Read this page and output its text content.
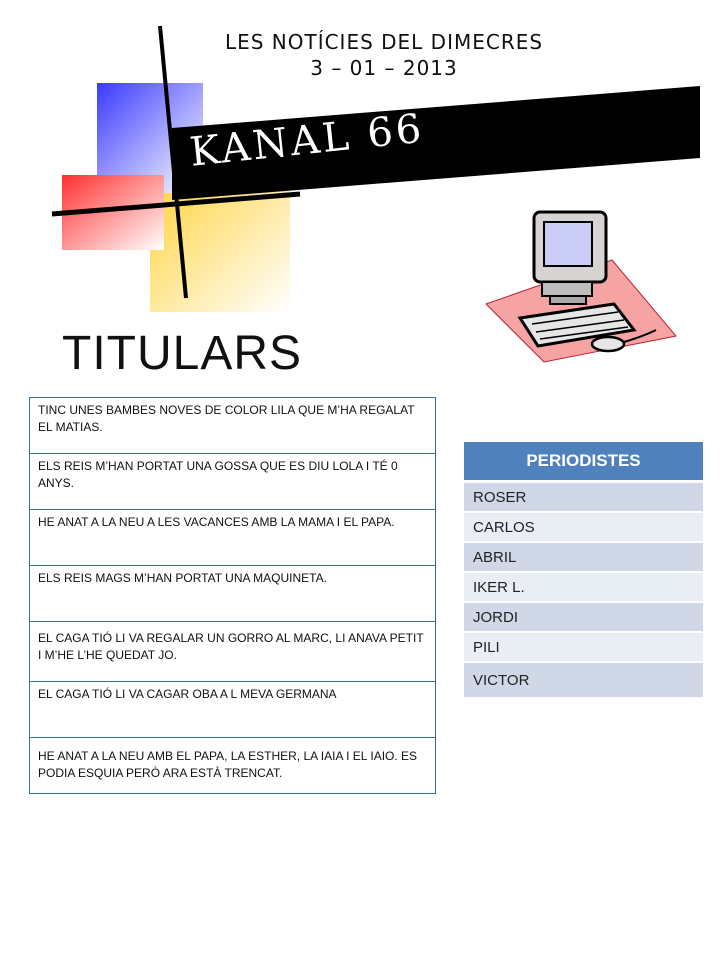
LES NOTÍCIES DEL DIMECRES
3 – 01 – 2013
KANAL 66
TITULARS
TINC UNES BAMBES NOVES DE COLOR LILA QUE M’HA REGALAT EL MATIAS.
ELS REIS M’HAN PORTAT UNA GOSSA QUE ES DIU LOLA I TÉ 0 ANYS.
HE ANAT A LA NEU A LES VACANCES AMB LA MAMA I EL PAPA.
ELS REIS MAGS M’HAN PORTAT UNA MAQUINETA.
EL CAGA TIÓ LI VA REGALAR UN GORRO AL MARC, LI ANAVA PETIT I M’HE L’HE QUEDAT JO.
EL CAGA TIÓ LI VA CAGAR OBA A L MEVA GERMANA
HE ANAT A LA NEU AMB EL PAPA, LA ESTHER, LA IAIA I EL IAIO. ES PODIA ESQUIA PERÒ ARA ESTÀ TRENCAT.
PERIODISTES
ROSER
CARLOS
ABRIL
IKER L.
JORDI
PILI
VICTOR
